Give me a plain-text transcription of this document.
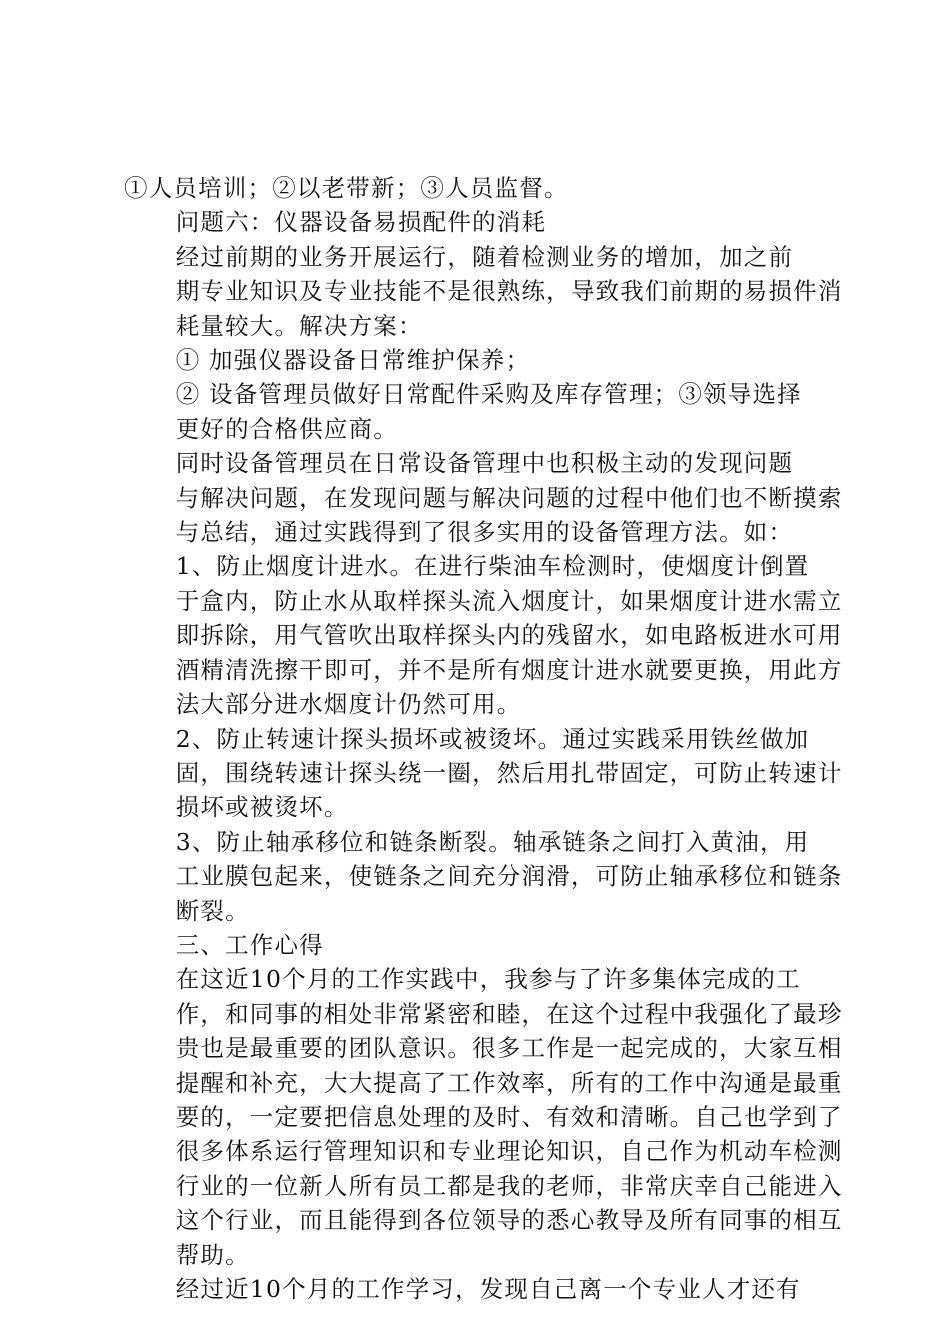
①人员培训；②以老带新；③人员监督。

问题六：仪器设备易损配件的消耗

经过前期的业务开展运行，随着检测业务的增加，加之前
期专业知识及专业技能不是很熟练，导致我们前期的易损件消
耗量较大。解决方案：

① 加强仪器设备日常维护保养；

② 设备管理员做好日常配件采购及库存管理；③领导选择
更好的合格供应商。

同时设备管理员在日常设备管理中也积极主动的发现问题
与解决问题，在发现问题与解决问题的过程中他们也不断摸索
与总结，通过实践得到了很多实用的设备管理方法。如：

1、防止烟度计进水。在进行柴油车检测时，使烟度计倒置
于盒内，防止水从取样探头流入烟度计，如果烟度计进水需立
即拆除，用气管吹出取样探头内的残留水，如电路板进水可用
酒精清洗擦干即可，并不是所有烟度计进水就要更换，用此方
法大部分进水烟度计仍然可用。

2、防止转速计探头损坏或被烫坏。通过实践采用铁丝做加
固，围绕转速计探头绕一圈，然后用扎带固定，可防止转速计
损坏或被烫坏。

3、防止轴承移位和链条断裂。轴承链条之间打入黄油，用
工业膜包起来，使链条之间充分润滑，可防止轴承移位和链条
断裂。

三、工作心得

在这近10个月的工作实践中，我参与了许多集体完成的工
作，和同事的相处非常紧密和睦，在这个过程中我强化了最珍
贵也是最重要的团队意识。很多工作是一起完成的，大家互相
提醒和补充，大大提高了工作效率，所有的工作中沟通是最重
要的，一定要把信息处理的及时、有效和清晰。自己也学到了
很多体系运行管理知识和专业理论知识，自己作为机动车检测
行业的一位新人所有员工都是我的老师，非常庆幸自己能进入
这个行业，而且能得到各位领导的悉心教导及所有同事的相互
帮助。

经过近10个月的工作学习，发现自己离一个专业人才还有
